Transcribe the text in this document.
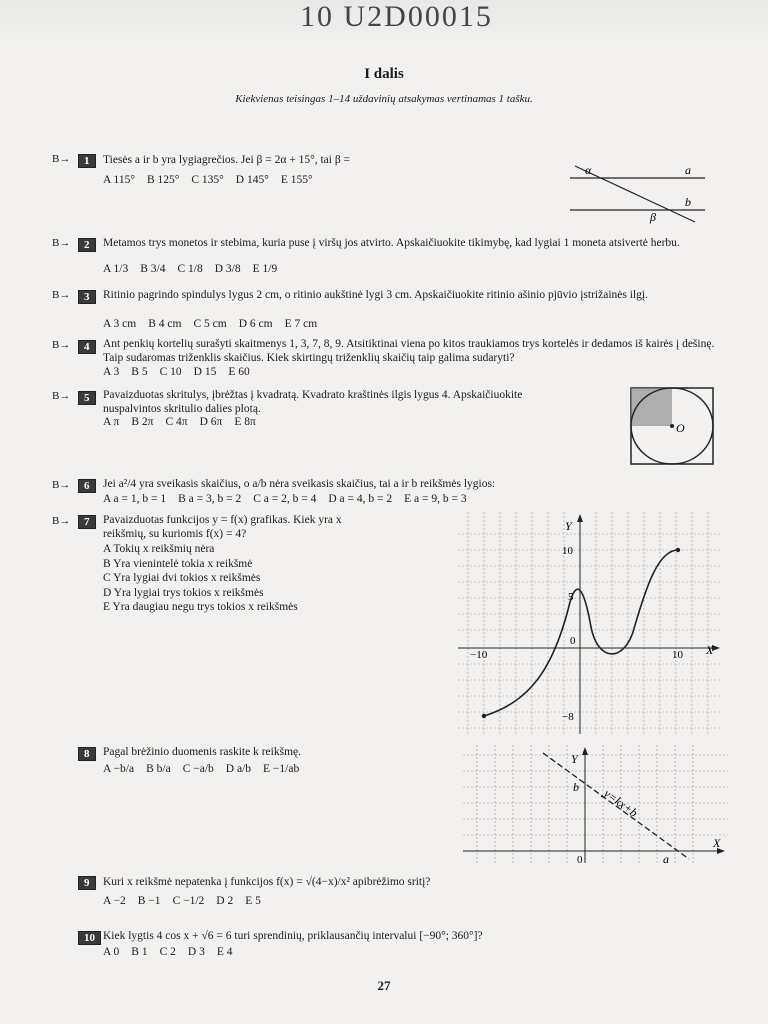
10 U2D00015
I dalis
Kiekvienas teisingas 1–14 uždavinių atsakymas vertinamas 1 tašku.
B→	1	Tiesės a ir b yra lygiagrečios. Jei β = 2α + 15°, tai β =
A 115° B 125° C 135° D 145° E 155°
a
b
α
β
B→	2	Metamos trys monetos ir stebima, kuria puse į viršų jos atvirto. Apskaičiuokite tikimybę, kad lygiai 1 moneta atsivertė herbu.
A 1/3 B 3/4 C 1/8 D 3/8 E 1/9
B→	3	Ritinio pagrindo spindulys lygus 2 cm, o ritinio aukštinė lygi 3 cm. Apskaičiuokite ritinio ašinio pjūvio įstrižainės ilgį.
A 3 cm B 4 cm C 5 cm D 6 cm E 7 cm
B→	4	Ant penkių kortelių surašyti skaitmenys 1, 3, 7, 8, 9. Atsitiktinai viena po kitos traukiamos trys kortelės ir dedamos iš kairės į dešinę. Taip sudaromas triženklis skaičius. Kiek skirtingų triženklių skaičių taip galima sudaryti?
A 3 B 5 C 10 D 15 E 60
B→	5	Pavaizduotas skritulys, įbrėžtas į kvadratą. Kvadrato kraštinės ilgis lygus 4. Apskaičiuokite nuspalvintos skritulio dalies plotą.
A π B 2π C 4π D 6π E 8π	O
B→	6	Jei a²/4 yra sveikasis skaičius, o a/b nėra sveikasis skaičius, tai a ir b reikšmės lygios:
A a = 1, b = 1 B a = 3, b = 2 C a = 2, b = 4 D a = 4, b = 2 E a = 9, b = 3
B→	7	Pavaizduotas funkcijos y = f(x) grafikas. Kiek yra x reikšmių, su kuriomis f(x) = 4?
A Tokių x reikšmių nėra
B Yra vienintelė tokia x reikšmė
C Yra lygiai dvi tokios x reikšmės
D Yra lygiai trys tokios x reikšmės
E Yra daugiau negu trys tokios x reikšmės
Y
X
10
5
0
−8
−10	10
8	Pagal brėžinio duomenis raskite k reikšmę.
A −b/a B b/a C −a/b D a/b E −1/ab
Y
X
b
a
0
y=kx+b
9	Kuri x reikšmė nepatenka į funkcijos f(x) = √(4−x)/x² apibrėžimo sritį?
A −2 B −1 C −1/2 D 2 E 5
10 Kiek lygtis 4 cos x + √6 = 6 turi sprendinių, priklausančių intervalui [−90°; 360°]?
A 0 B 1 C 2 D 3 E 4
27
